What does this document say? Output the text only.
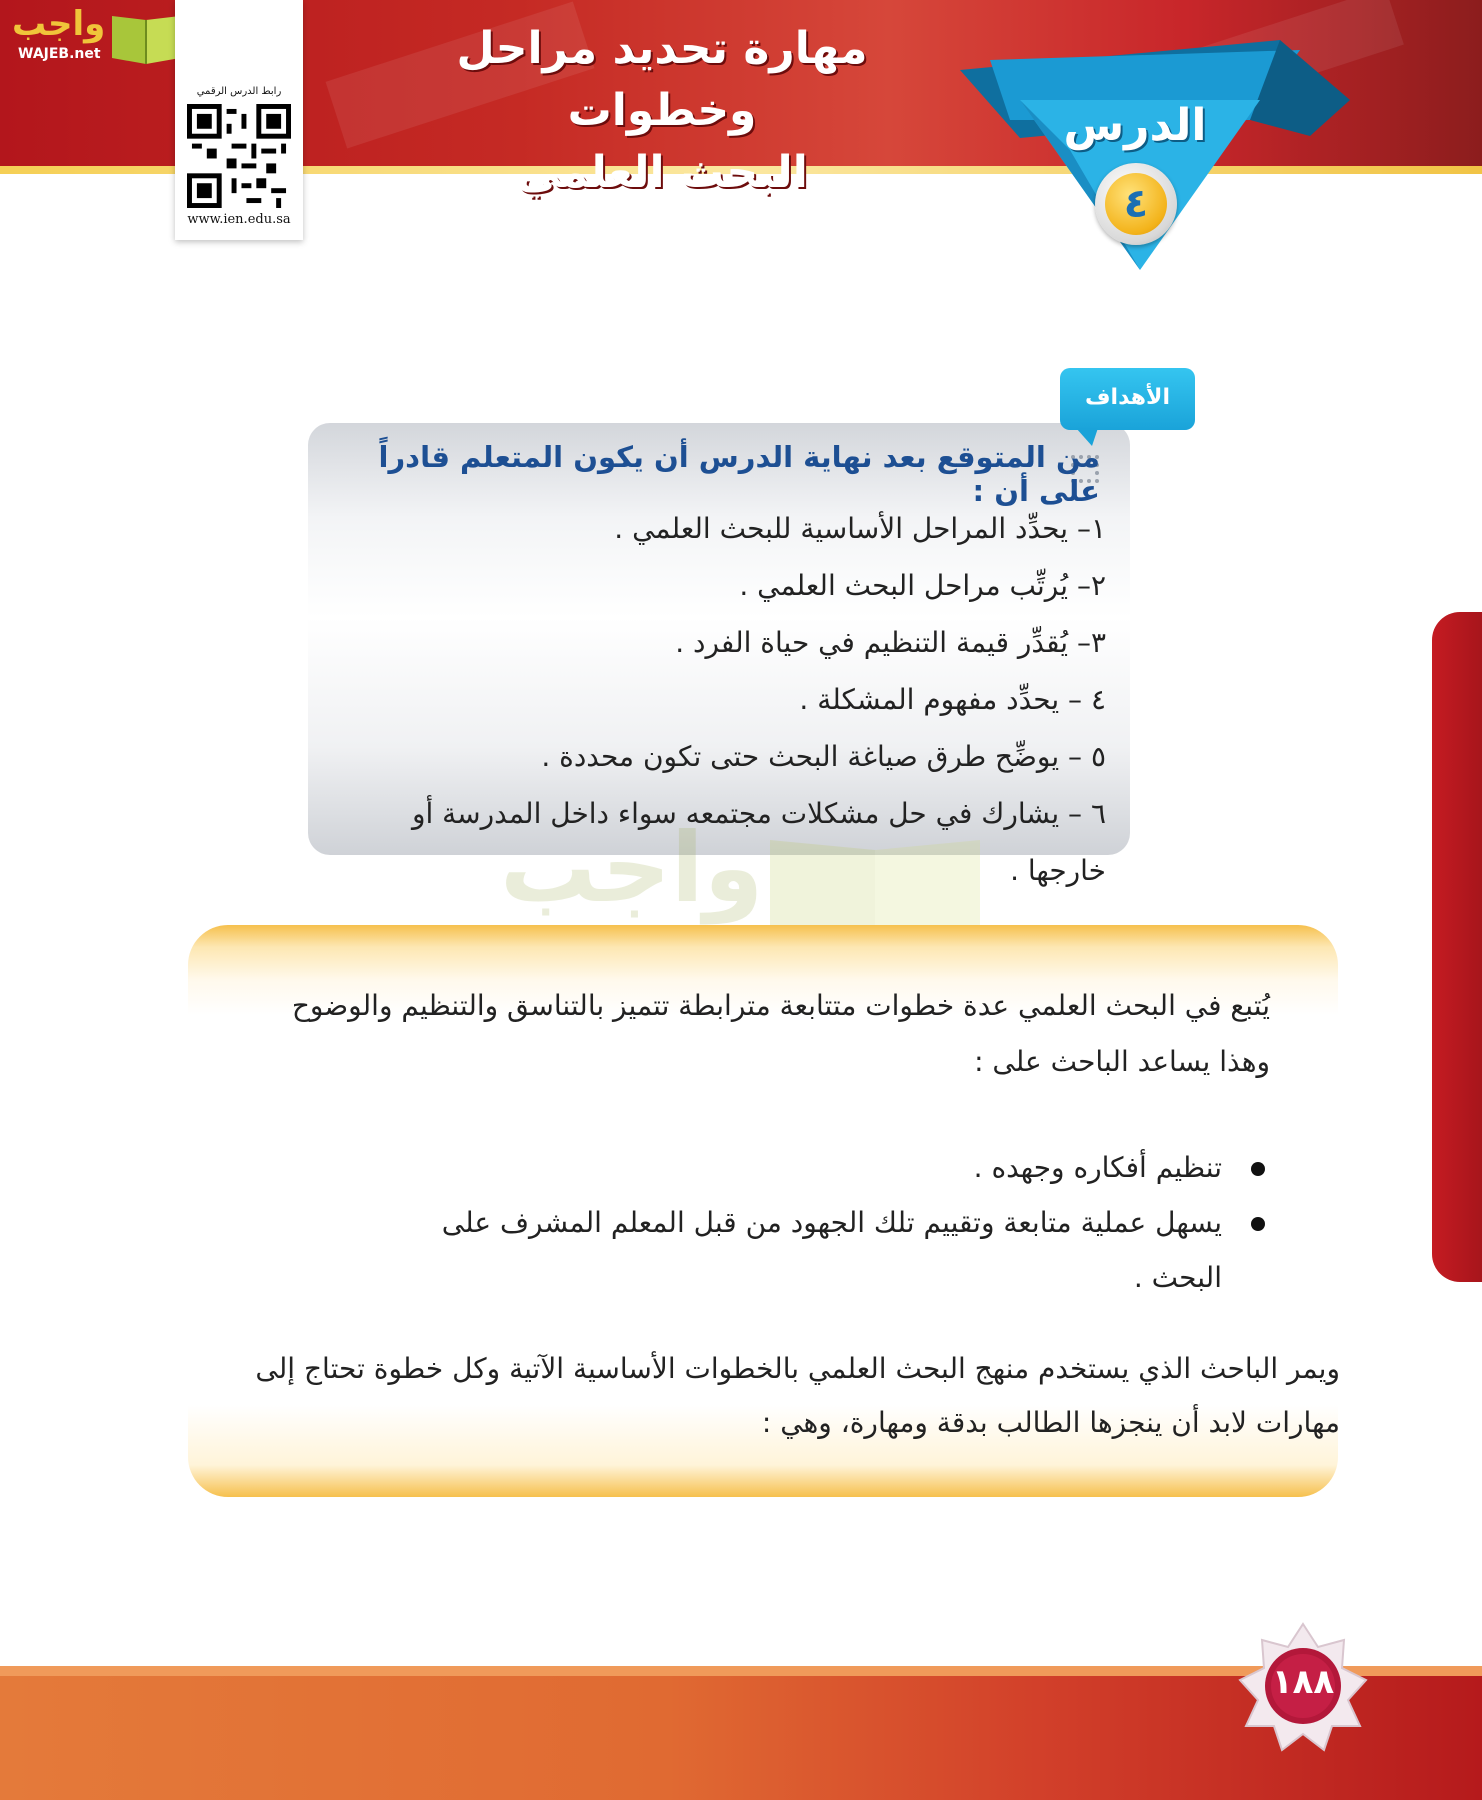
واجب
WAJEB.net	مهارة تحديد مراحل وخطوات
البحث العلمي
رابط الدرس الرقمي
www.ien.edu.sa
الدرس
٤
الأهداف
من المتوقع بعد نهاية الدرس أن يكون المتعلم قادراً على أن :
١– يحدِّد المراحل الأساسية للبحث العلمي .
٢– يُرتِّب مراحل البحث العلمي .
٣– يُقدِّر قيمة التنظيم في حياة الفرد .
٤ – يحدِّد مفهوم المشكلة .
٥ – يوضِّح طرق صياغة البحث حتى تكون محددة .
٦ – يشارك في حل مشكلات مجتمعه سواء داخل المدرسة أو خارجها .
واجب
يُتبع في البحث العلمي عدة خطوات متتابعة مترابطة تتميز بالتناسق والتنظيم والوضوح وهذا يساعد الباحث على :
تنظيم أفكاره وجهده .
يسهل عملية متابعة وتقييم تلك الجهود من قبل المعلم المشرف على البحث .
ويمر الباحث الذي يستخدم منهج البحث العلمي بالخطوات الأساسية الآتية وكل خطوة تحتاج إلى مهارات لابد أن ينجزها الطالب بدقة ومهارة، وهي :
١٨٨
